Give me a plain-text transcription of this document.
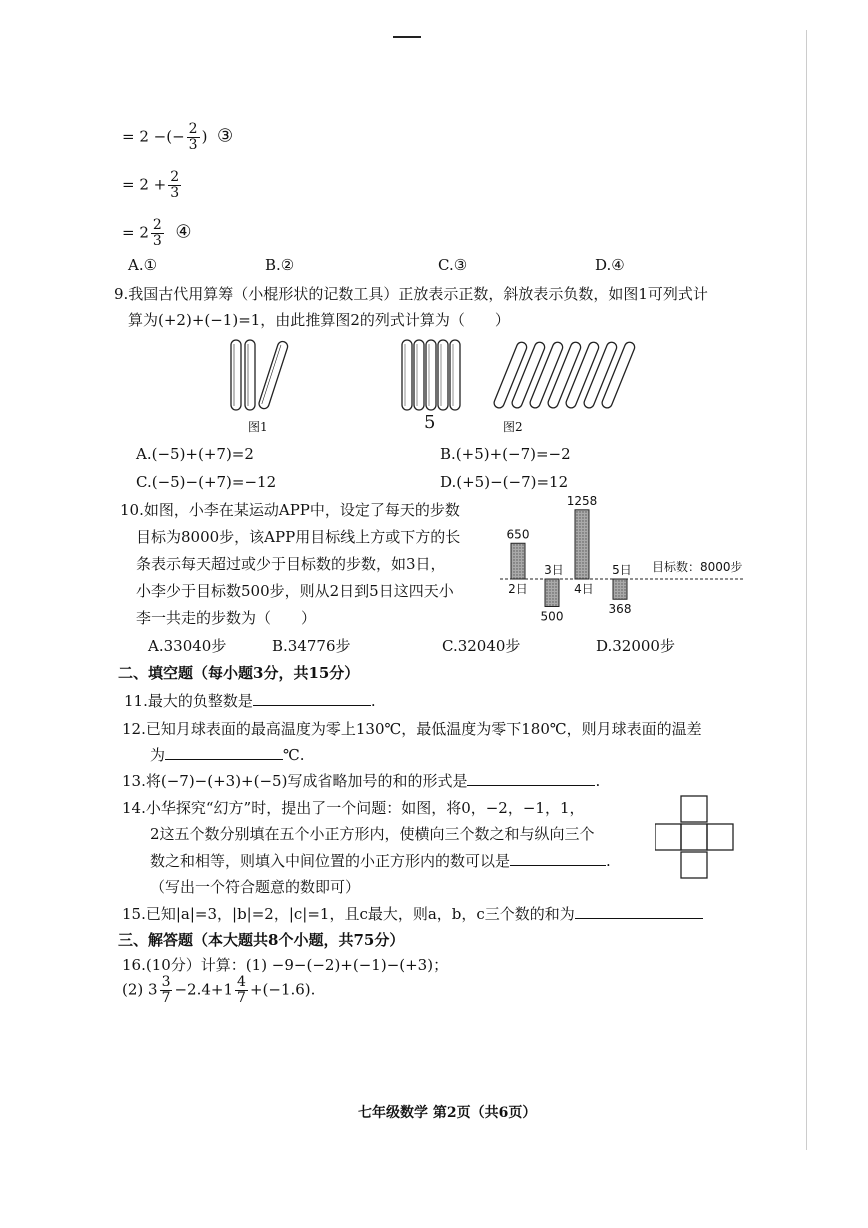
= 2 −(− $\frac{2}{3}$ ) ③
= $2 + \frac{2}{3}$
= $2 \frac{2}{3}$ ④
A.①	B.②	C.③	D.④
9.我国古代用算筹（小棍形状的记数工具）正放表示正数，斜放表示负数，如图1可列式计
算为(+2)+(−1)=1，由此推算图2的列式计算为（　　）
图1	5	图2
A.(−5)+(+7)=2	B.(+5)+(−7)=−2
C.(−5)−(+7)=−12	D.(+5)−(−7)=12
10.如图，小李在某运动APP中，设定了每天的步数
目标为8000步，该APP用目标线上方或下方的长
条表示每天超过或少于目标数的步数，如3日，
小李少于目标数500步，则从2日到5日这四天小
李一共走的步数为（　　）
A.33040步	B.34776步	C.32040步	D.32000步
650
2日
500
3日
1258
4日
368
5日 目标数：8000步
二、填空题（每小题3分，共15分）
11.最大的负整数是	.
12.已知月球表面的最高温度为零上130℃，最低温度为零下180℃，则月球表面的温差
为	℃.
13.将(−7)−(+3)+(−5)写成省略加号的和的形式是	.
14.小华探究“幻方”时，提出了一个问题：如图，将0，−2，−1，1，
2这五个数分别填在五个小正方形内，使横向三个数之和与纵向三个
数之和相等，则填入中间位置的小正方形内的数可以是	.
（写出一个符合题意的数即可）
15.已知|a|=3，|b|=2，|c|=1，且c最大，则a，b，c三个数的和为
三、解答题（本大题共8个小题，共75分）
16.(10分）计算：(1) −9−(−2)+(−1)−(+3)；
(2) $3 \frac{3}{7} -2.4+1 \frac{4}{7} +(-1.6)$.
七年级数学 第2页（共6页）
